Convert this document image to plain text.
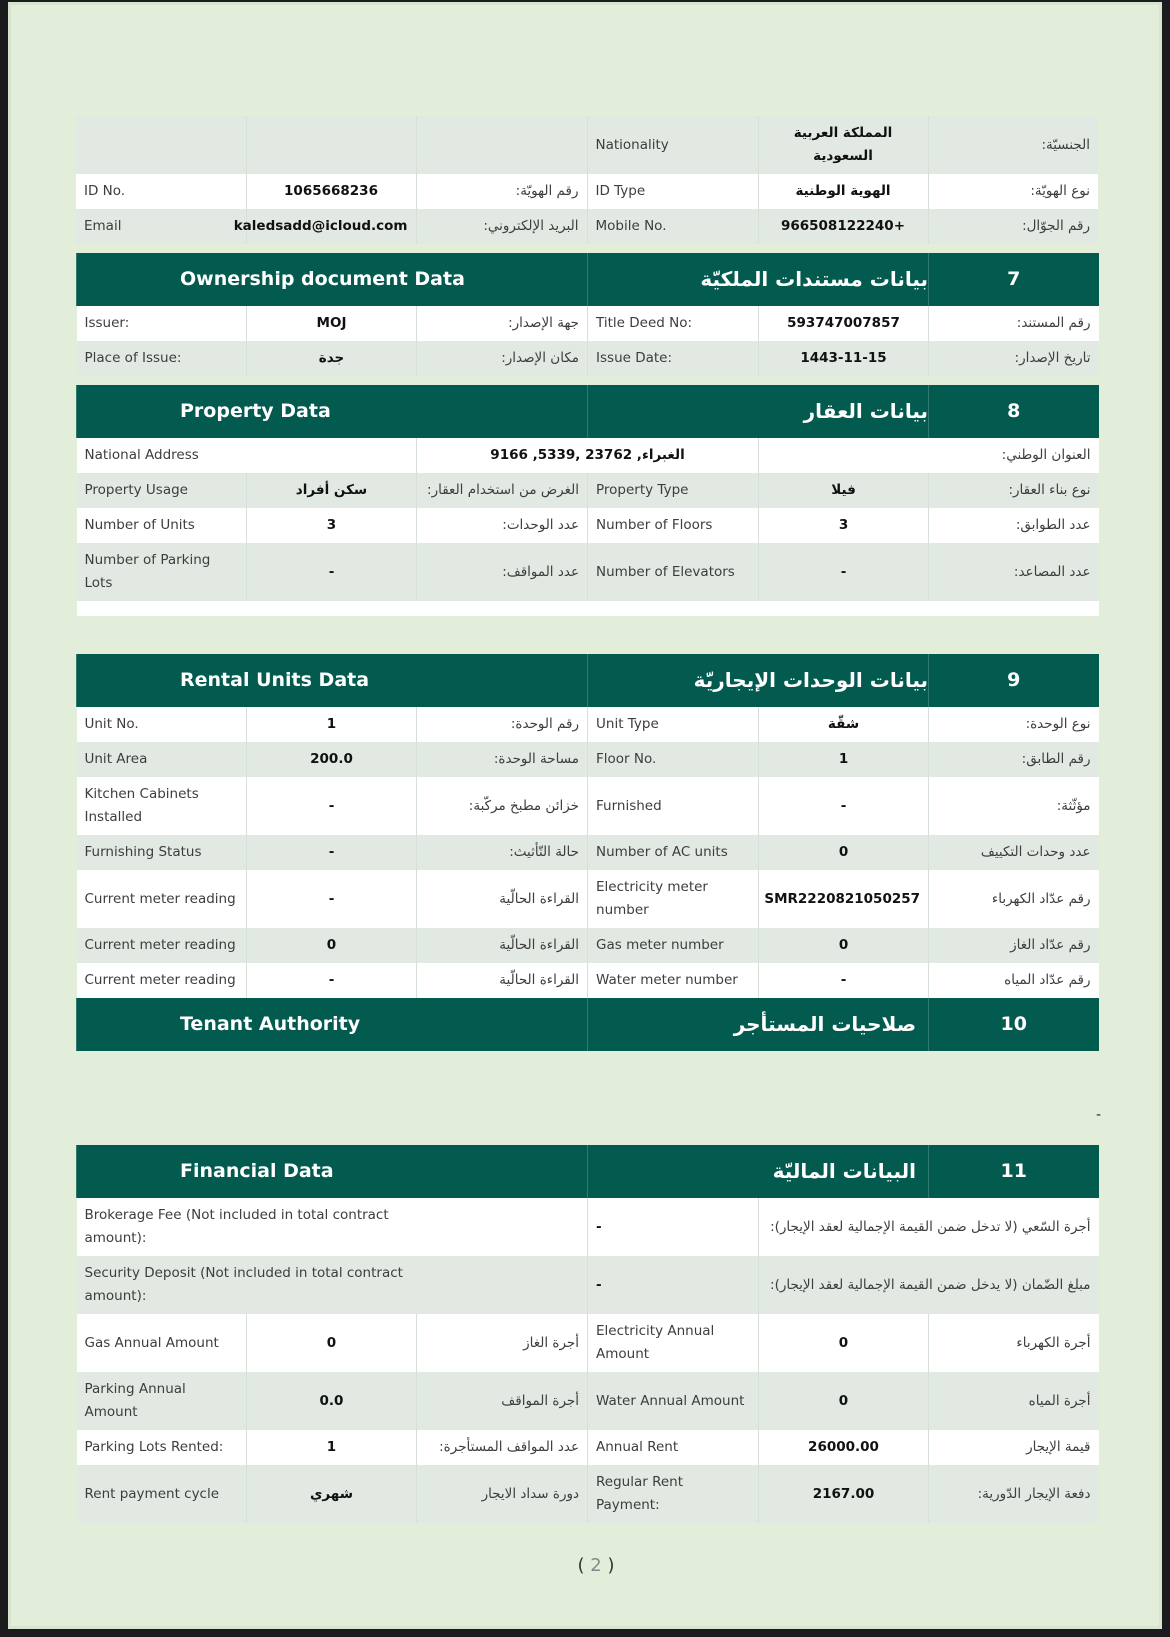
			Nationality	المملكة العربية السعودية	الجنسيّة:
ID No.	1065668236	رقم الهويّة:	ID Type	الهوية الوطنية	نوع الهويّة:
Email	kaledsadd@icloud.com	البريد الإلكتروني:	Mobile No.	+966508122240	رقم الجوّال:
Ownership document Data			بيانات مستندات الملكيّة		7
Issuer:	MOJ	جهة الإصدار:	Title Deed No:	593747007857	رقم المستند:
Place of Issue:	جدة	مكان الإصدار:	Issue Date:	1443-11-15	تاريخ الإصدار:
Property Data			بيانات العقار		8
National Address		الغبراء, 23762 ,5339, 9166		العنوان الوطني:	
Property Usage	سكن أفراد	الغرض من استخدام العقار:	Property Type	فيلا	نوع بناء العقار:
Number of Units	3	عدد الوحدات:	Number of Floors	3	عدد الطوابق:
Number of Parking Lots	-	عدد المواقف:	Number of Elevators	-	عدد المصاعد:

Rental Units Data			بيانات الوحدات الإيجاريّة		9
Unit No.	1	رقم الوحدة:	Unit Type	شقّة	نوع الوحدة:
Unit Area	200.0	مساحة الوحدة:	Floor No.	1	رقم الطابق:
Kitchen Cabinets Installed	-	خزائن مطبخ مركّبة:	Furnished	-	مؤثّثة:
Furnishing Status	-	حالة التّأثيث:	Number of AC units	0	عدد وحدات التكييف
Current meter reading	-	القراءة الحالّية	Electricity meter number	SMR2220821050257	رقم عدّاد الكهرباء
Current meter reading	0	القراءة الحالّية	Gas meter number	0	رقم عدّاد الغاز
Current meter reading	-	القراءة الحالّية	Water meter number	-	رقم عدّاد المياه
Tenant Authority			صلاحيات المستأجر		10
-
Financial Data			البيانات الماليّة		11
Brokerage Fee (Not included in total contract amount):			-	أجرة السّعي (لا تدخل ضمن القيمة الإجمالية لعقد الإيجار):	
Security Deposit (Not included in total contract amount):			-	مبلغ الضّمان (لا يدخل ضمن القيمة الإجمالية لعقد الإيجار):	
Gas Annual Amount	0	أجرة الغاز	Electricity Annual Amount	0	أجرة الكهرباء
Parking Annual Amount	0.0	أجرة المواقف	Water Annual Amount	0	أجرة المياه
Parking Lots Rented:	1	عدد المواقف المستأجرة:	Annual Rent	26000.00	قيمة الإيجار
Rent payment cycle	شهري	دورة سداد الايجار	Regular Rent Payment:	2167.00	دفعة الإيجار الدّورية:
( 2 )
